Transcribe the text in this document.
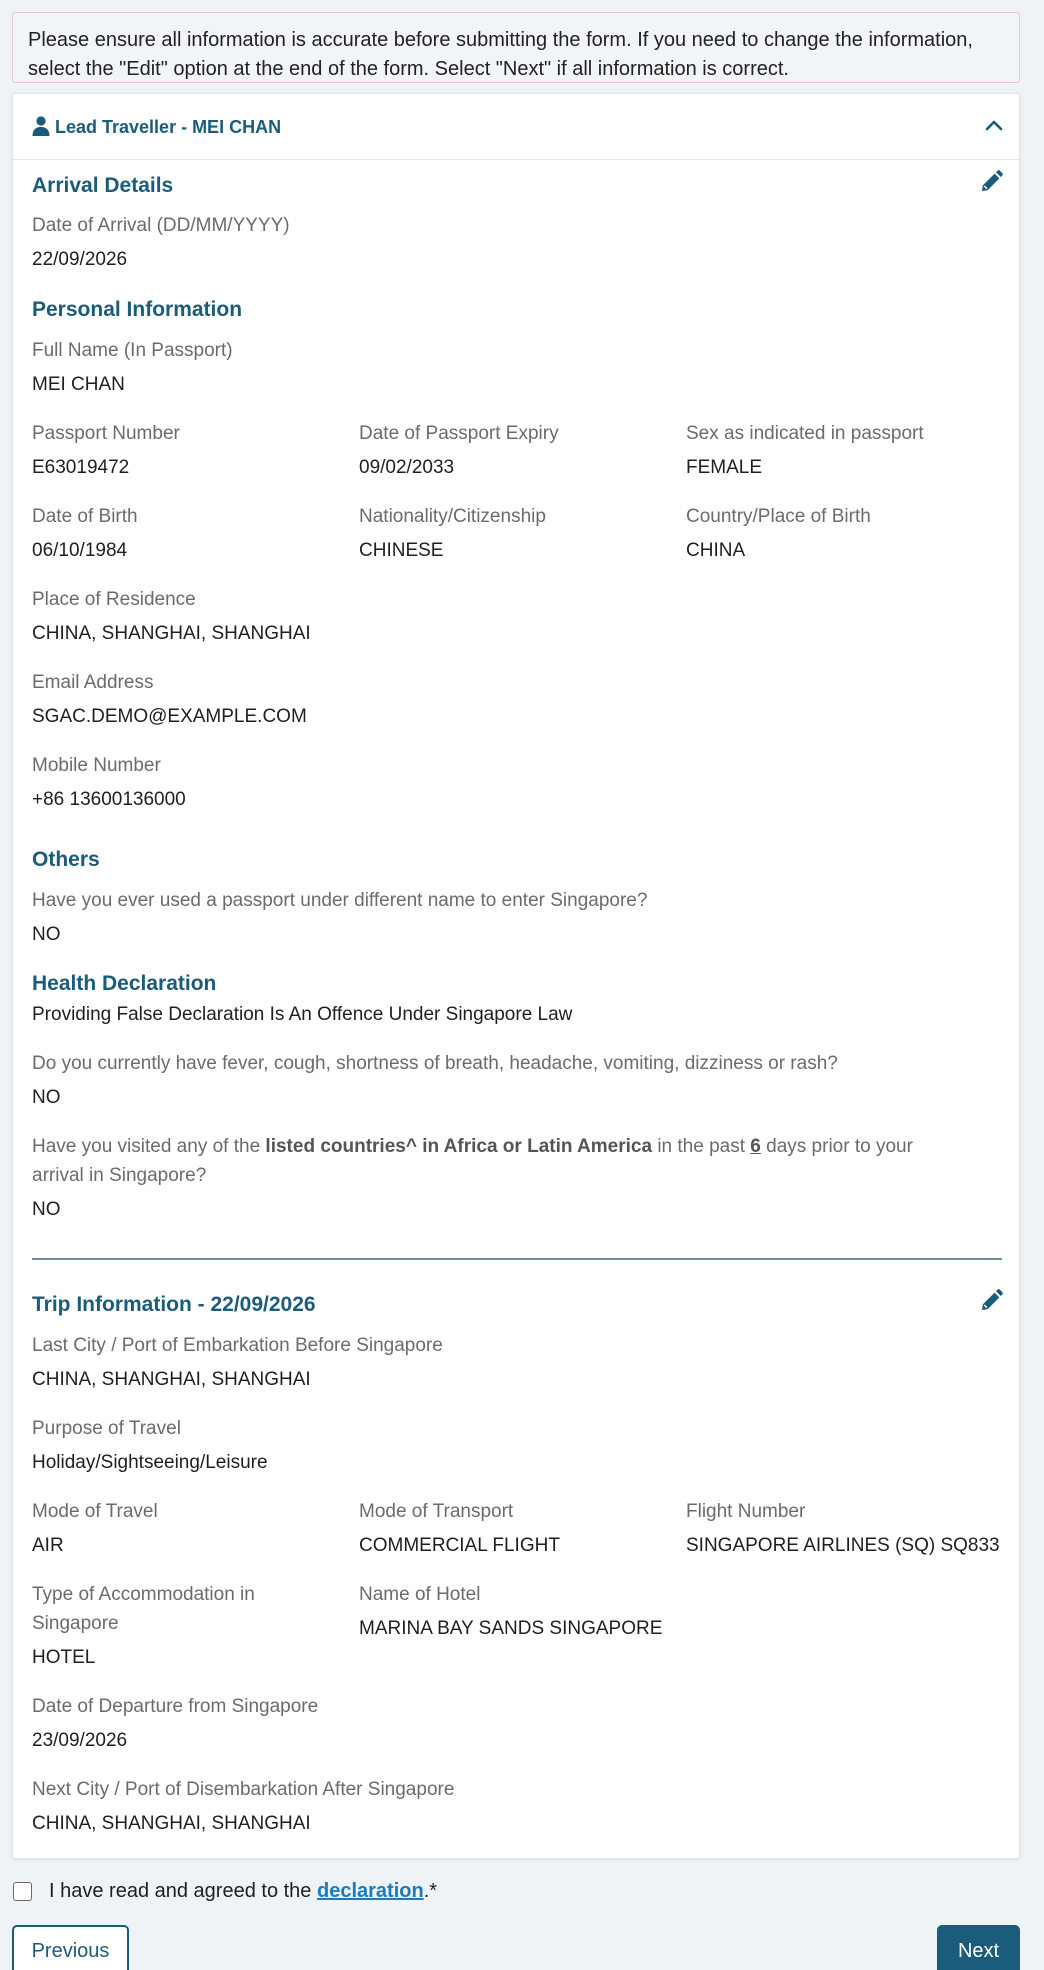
Please ensure all information is accurate before submitting the form. If you need to change the information, select the "Edit" option at the end of the form. Select "Next" if all information is correct.
Lead Traveller - MEI CHAN
Arrival Details
Date of Arrival (DD/MM/YYYY)
22/09/2026
Personal Information
Full Name (In Passport)
MEI CHAN
Passport Number
E63019472
Date of Passport Expiry
09/02/2033
Sex as indicated in passport
FEMALE
Date of Birth
06/10/1984
Nationality/Citizenship
CHINESE
Country/Place of Birth
CHINA
Place of Residence
CHINA, SHANGHAI, SHANGHAI
Email Address
SGAC.DEMO@EXAMPLE.COM
Mobile Number
+86 13600136000
Others
Have you ever used a passport under different name to enter Singapore?
NO
Health Declaration
Providing False Declaration Is An Offence Under Singapore Law
Do you currently have fever, cough, shortness of breath, headache, vomiting, dizziness or rash?
NO
Have you visited any of the listed countries^ in Africa or Latin America in the past 6 days prior to your
arrival in Singapore?
NO
Trip Information - 22/09/2026
Last City / Port of Embarkation Before Singapore
CHINA, SHANGHAI, SHANGHAI
Purpose of Travel
Holiday/Sightseeing/Leisure
Mode of Travel
AIR
Mode of Transport
COMMERCIAL FLIGHT
Flight Number
SINGAPORE AIRLINES (SQ) SQ833
Type of Accommodation in
Singapore
HOTEL
Name of Hotel
MARINA BAY SANDS SINGAPORE
Date of Departure from Singapore
23/09/2026
Next City / Port of Disembarkation After Singapore
CHINA, SHANGHAI, SHANGHAI
I have read and agreed to the declaration .*
Previous	Next
